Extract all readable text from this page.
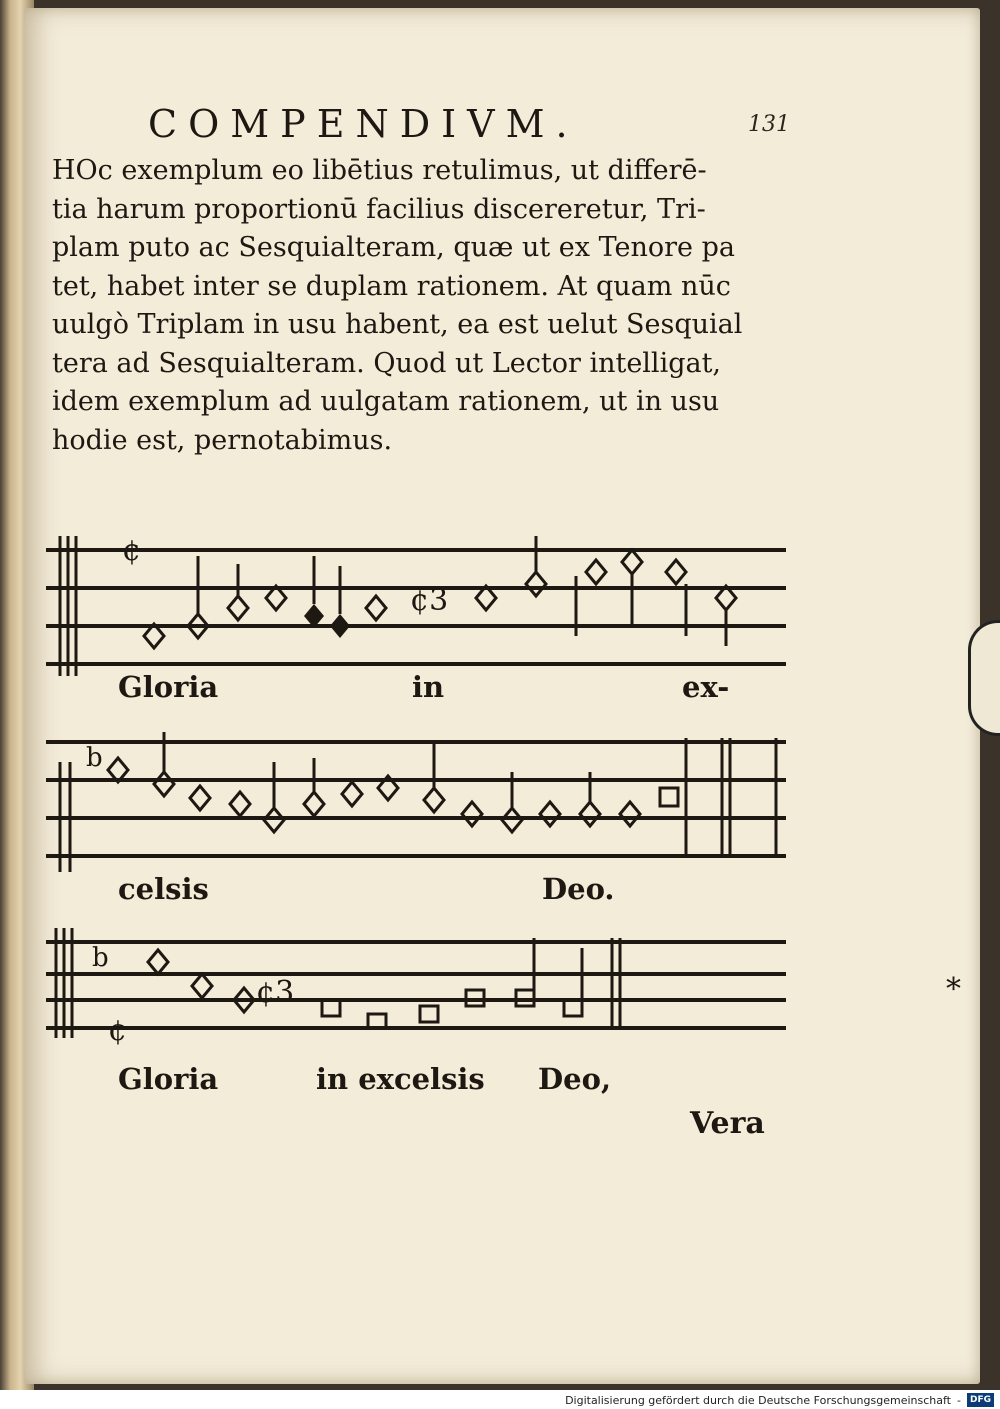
COMPENDIVM.	131
HOc exemplum eo libētius retulimus, ut differē-
tia harum proportionū facilius discereretur, Tri-
plam puto ac Sesquialteram, quæ ut ex Tenore pa
tet, habet inter se duplam rationem. At quam nūc
uulgò Triplam in usu habent, ea est uelut Sesquial
tera ad Sesquialteram. Quod ut Lector intelligat,
idem exemplum ad uulgatam rationem, ut in usu
hodie est, pernotabimus.
¢
¢3
Gloria	in	ex-
b
celsis	Deo.
b
¢
¢3
Gloria	in excelsis Deo,
Vera
*
Digitalisierung gefördert durch die Deutsche Forschungsgemeinschaft -	DFG
